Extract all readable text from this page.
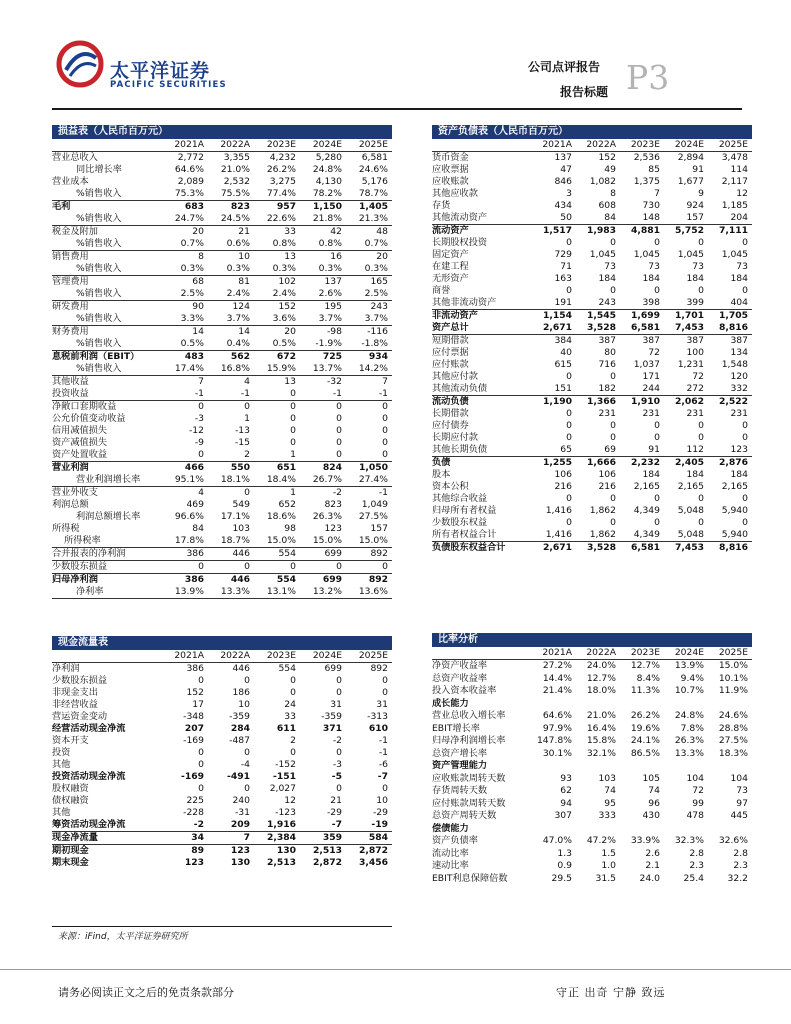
太平洋证券
PACIFIC SECURITIES
公司点评报告
报告标题 P3
损益表（人民币百万元）
	2021A	2022A	2023E	2024E	2025E
营业总收入	2,772	3,355	4,232	5,280	6,581
同比增长率	64.6%	21.0%	26.2%	24.8%	24.6%
营业成本	2,089	2,532	3,275	4,130	5,176
%销售收入	75.3%	75.5%	77.4%	78.2%	78.7%
毛利	683	823	957	1,150	1,405
%销售收入	24.7%	24.5%	22.6%	21.8%	21.3%
税金及附加	20	21	33	42	48
%销售收入	0.7%	0.6%	0.8%	0.8%	0.7%
销售费用	8	10	13	16	20
%销售收入	0.3%	0.3%	0.3%	0.3%	0.3%
管理费用	68	81	102	137	165
%销售收入	2.5%	2.4%	2.4%	2.6%	2.5%
研发费用	90	124	152	195	243
%销售收入	3.3%	3.7%	3.6%	3.7%	3.7%
财务费用	14	14	20	-98	-116
%销售收入	0.5%	0.4%	0.5%	-1.9%	-1.8%
息税前利润（EBIT）	483	562	672	725	934
%销售收入	17.4%	16.8%	15.9%	13.7%	14.2%
其他收益	7	4	13	-32	7
投资收益	-1	-1	0	-1	-1
净敞口套期收益	0	0	0	0	0
公允价值变动收益	-3	1	0	0	0
信用减值损失	-12	-13	0	0	0
资产减值损失	-9	-15	0	0	0
资产处置收益	0	2	1	0	0
营业利润	466	550	651	824	1,050
营业利润增长率	95.1%	18.1%	18.4%	26.7%	27.4%
营业外收支	4	0	1	-2	-1
利润总额	469	549	652	823	1,049
利润总额增长率	96.6%	17.1%	18.6%	26.3%	27.5%
所得税	84	103	98	123	157
所得税率	17.8%	18.7%	15.0%	15.0%	15.0%
合并报表的净利润	386	446	554	699	892
少数股东损益	0	0	0	0	0
归母净利润	386	446	554	699	892
净利率	13.9%	13.3%	13.1%	13.2%	13.6%
资产负债表（人民币百万元）
	2021A	2022A	2023E	2024E	2025E
货币资金	137	152	2,536	2,894	3,478
应收票据	47	49	85	91	114
应收账款	846	1,082	1,375	1,677	2,117
其他应收款	3	8	7	9	12
存货	434	608	730	924	1,185
其他流动资产	50	84	148	157	204
流动资产	1,517	1,983	4,881	5,752	7,111
长期股权投资	0	0	0	0	0
固定资产	729	1,045	1,045	1,045	1,045
在建工程	71	73	73	73	73
无形资产	163	184	184	184	184
商誉	0	0	0	0	0
其他非流动资产	191	243	398	399	404
非流动资产	1,154	1,545	1,699	1,701	1,705
资产总计	2,671	3,528	6,581	7,453	8,816
短期借款	384	387	387	387	387
应付票据	40	80	72	100	134
应付账款	615	716	1,037	1,231	1,548
其他应付款	0	0	171	72	120
其他流动负债	151	182	244	272	332
流动负债	1,190	1,366	1,910	2,062	2,522
长期借款	0	231	231	231	231
应付债券	0	0	0	0	0
长期应付款	0	0	0	0	0
其他长期负债	65	69	91	112	123
负债	1,255	1,666	2,232	2,405	2,876
股本	106	106	184	184	184
资本公积	216	216	2,165	2,165	2,165
其他综合收益	0	0	0	0	0
归母所有者权益	1,416	1,862	4,349	5,048	5,940
少数股东权益	0	0	0	0	0
所有者权益合计	1,416	1,862	4,349	5,048	5,940
负债股东权益合计	2,671	3,528	6,581	7,453	8,816
现金流量表
	2021A	2022A	2023E	2024E	2025E
净利润	386	446	554	699	892
少数股东损益	0	0	0	0	0
非现金支出	152	186	0	0	0
非经营收益	17	10	24	31	31
营运资金变动	-348	-359	33	-359	-313
经营活动现金净流	207	284	611	371	610
资本开支	-169	-487	2	-2	-1
投资	0	0	0	0	-1
其他	0	-4	-152	-3	-6
投资活动现金净流	-169	-491	-151	-5	-7
股权融资	0	0	2,027	0	0
债权融资	225	240	12	21	10
其他	-228	-31	-123	-29	-29
筹资活动现金净流	-2	209	1,916	-7	-19
现金净流量	34	7	2,384	359	584
期初现金	89	123	130	2,513	2,872
期末现金	123	130	2,513	2,872	3,456
比率分析
	2021A	2022A	2023E	2024E	2025E
净资产收益率	27.2%	24.0%	12.7%	13.9%	15.0%
总资产收益率	14.4%	12.7%	8.4%	9.4%	10.1%
投入资本收益率	21.4%	18.0%	11.3%	10.7%	11.9%
成长能力					
营业总收入增长率	64.6%	21.0%	26.2%	24.8%	24.6%
EBIT增长率	97.9%	16.4%	19.6%	7.8%	28.8%
归母净利润增长率	147.8%	15.8%	24.1%	26.3%	27.5%
总资产增长率	30.1%	32.1%	86.5%	13.3%	18.3%
资产管理能力					
应收账款周转天数	93	103	105	104	104
存货周转天数	62	74	74	72	73
应付账款周转天数	94	95	96	99	97
总资产周转天数	307	333	430	478	445
偿债能力					
资产负债率	47.0%	47.2%	33.9%	32.3%	32.6%
流动比率	1.3	1.5	2.6	2.8	2.8
速动比率	0.9	1.0	2.1	2.3	2.3
EBIT利息保障倍数	29.5	31.5	24.0	25.4	32.2
来源：iFind，太平洋证券研究所
请务必阅读正文之后的免责条款部分	守正 出奇 宁静 致远
